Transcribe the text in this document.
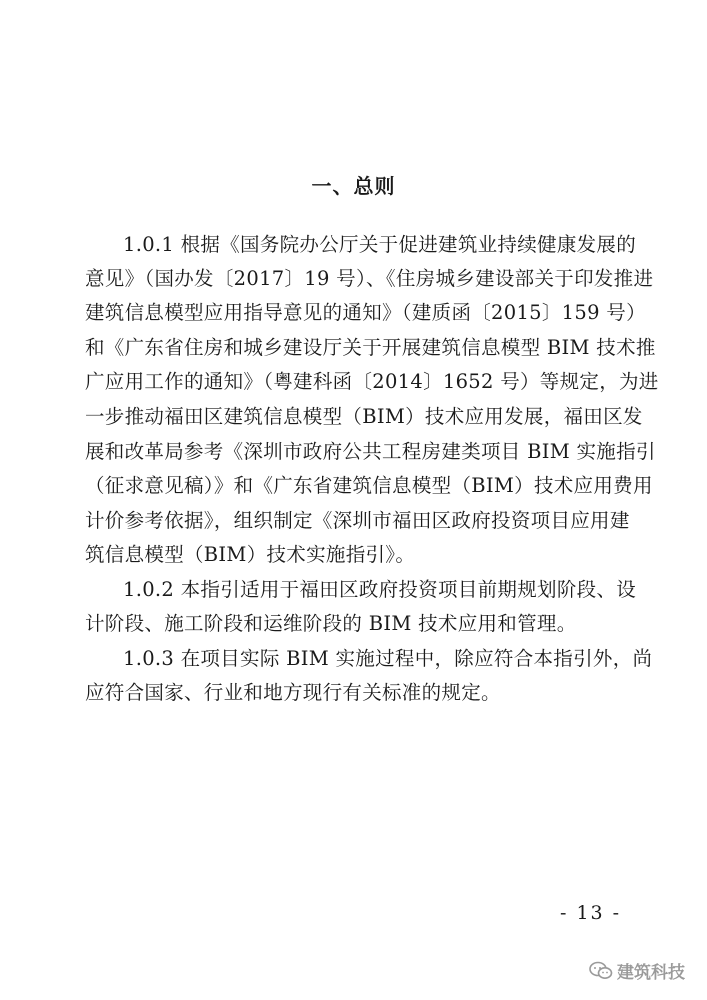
一、总则
1.0.1 根据《国务院办公厅关于促进建筑业持续健康发展的
意见》（国办发〔2017〕19 号）、《住房城乡建设部关于印发推进
建筑信息模型应用指导意见的通知》（建质函〔2015〕159 号）
和《广东省住房和城乡建设厅关于开展建筑信息模型 BIM 技术推
广应用工作的通知》（粤建科函〔2014〕1652 号）等规定，为进
一步推动福田区建筑信息模型（BIM）技术应用发展，福田区发
展和改革局参考《深圳市政府公共工程房建类项目 BIM 实施指引
（征求意见稿）》和《广东省建筑信息模型（BIM）技术应用费用
计价参考依据》，组织制定《深圳市福田区政府投资项目应用建
筑信息模型（BIM）技术实施指引》。
1.0.2 本指引适用于福田区政府投资项目前期规划阶段、设
计阶段、施工阶段和运维阶段的 BIM 技术应用和管理。
1.0.3 在项目实际 BIM 实施过程中，除应符合本指引外，尚
应符合国家、行业和地方现行有关标准的规定。
- 13 -
建筑科技
